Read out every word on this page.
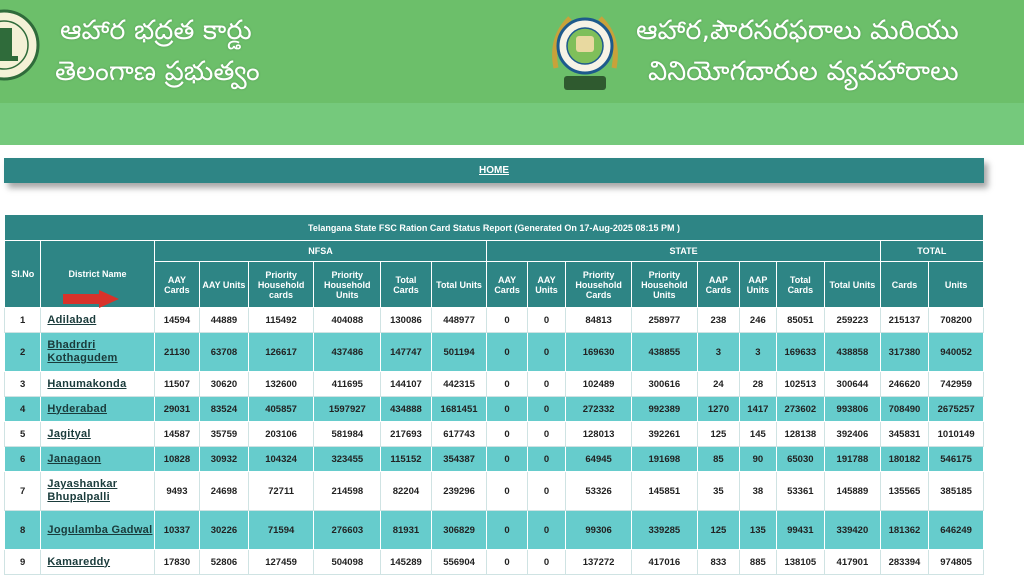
ఆహార భద్రత కార్డు
తెలంగాణ ప్రభుత్వం
ఆహార,పౌరసరఫరాలు మరియు
వినియోగదారుల వ్యవహారాలు
HOME
Telangana State FSC Ration Card Status Report (Generated On 17-Aug-2025 08:15 PM )																	
Sl.No	District Name	NFSA						STATE								TOTAL	
		AAY Cards	AAY Units	Priority Household cards	Priority Household Units	Total Cards	Total Units	AAY Cards	AAY Units	Priority Household Cards	Priority Household Units	AAP Cards	AAP Units	Total Cards	Total Units	Cards	Units
1	Adilabad	14594	44889	115492	404088	130086	448977	0	0	84813	258977	238	246	85051	259223	215137	708200
2	Bhadrdri Kothagudem	21130	63708	126617	437486	147747	501194	0	0	169630	438855	3	3	169633	438858	317380	940052
3	Hanumakonda	11507	30620	132600	411695	144107	442315	0	0	102489	300616	24	28	102513	300644	246620	742959
4	Hyderabad	29031	83524	405857	1597927	434888	1681451	0	0	272332	992389	1270	1417	273602	993806	708490	2675257
5	Jagityal	14587	35759	203106	581984	217693	617743	0	0	128013	392261	125	145	128138	392406	345831	1010149
6	Janagaon	10828	30932	104324	323455	115152	354387	0	0	64945	191698	85	90	65030	191788	180182	546175
7	Jayashankar Bhupalpalli	9493	24698	72711	214598	82204	239296	0	0	53326	145851	35	38	53361	145889	135565	385185
8	Jogulamba Gadwal	10337	30226	71594	276603	81931	306829	0	0	99306	339285	125	135	99431	339420	181362	646249
9	Kamareddy	17830	52806	127459	504098	145289	556904	0	0	137272	417016	833	885	138105	417901	283394	974805
